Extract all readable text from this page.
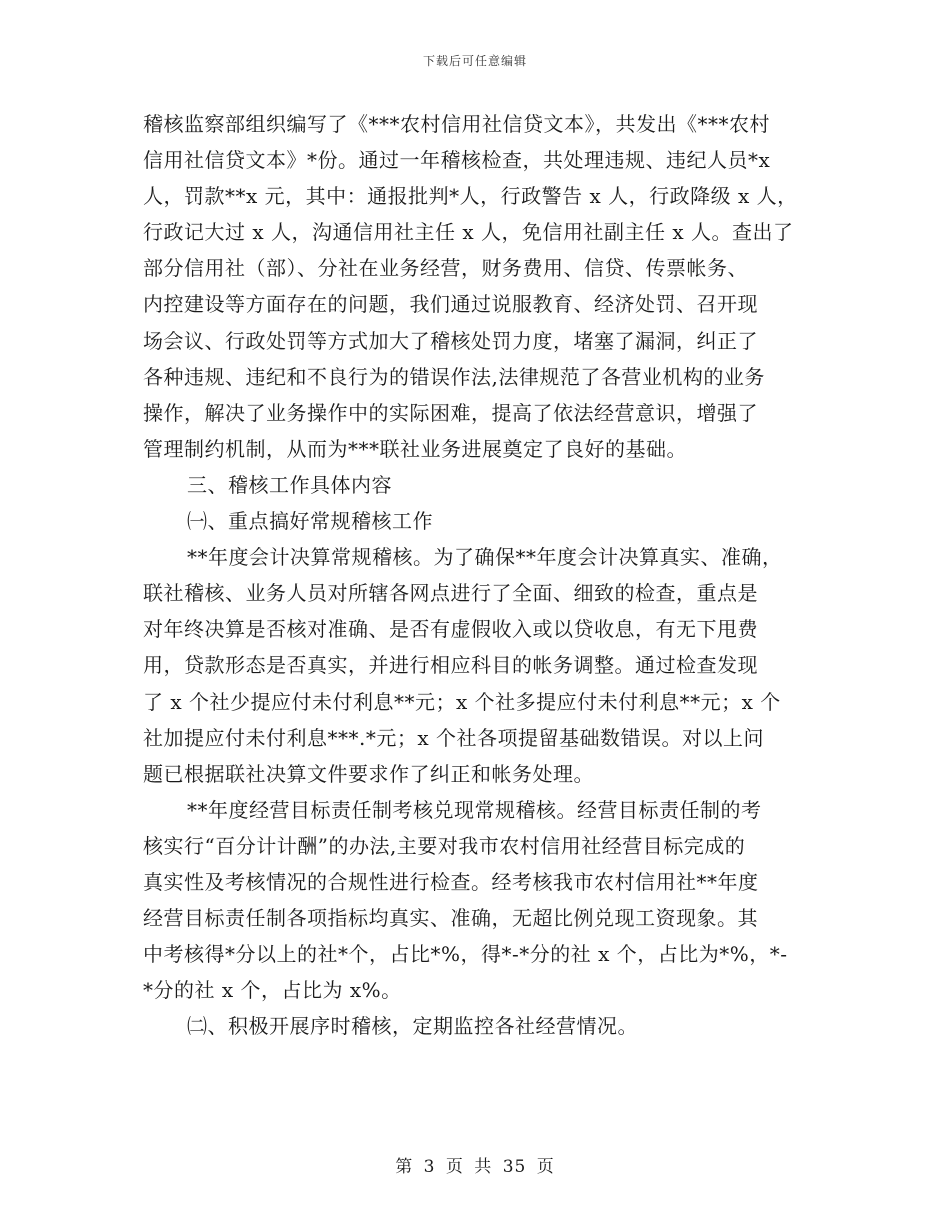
下载后可任意编辑
稽核监察部组织编写了《***农村信用社信贷文本》，共发出《***农村
信用社信贷文本》*份。通过一年稽核检查，共处理违规、违纪人员*x
人，罚款**x 元，其中：通报批判*人，行政警告 x 人，行政降级 x 人，
行政记大过 x 人，沟通信用社主任 x 人，免信用社副主任 x 人。查出了
部分信用社（部）、分社在业务经营，财务费用、信贷、传票帐务、
内控建设等方面存在的问题，我们通过说服教育、经济处罚、召开现
场会议、行政处罚等方式加大了稽核处罚力度，堵塞了漏洞，纠正了
各种违规、违纪和不良行为的错误作法,法律规范了各营业机构的业务
操作，解决了业务操作中的实际困难，提高了依法经营意识，增强了
管理制约机制，从而为***联社业务进展奠定了良好的基础。
三、稽核工作具体内容
㈠、重点搞好常规稽核工作
**年度会计决算常规稽核。为了确保**年度会计决算真实、准确，
联社稽核、业务人员对所辖各网点进行了全面、细致的检查，重点是
对年终决算是否核对准确、是否有虚假收入或以贷收息，有无下甩费
用，贷款形态是否真实，并进行相应科目的帐务调整。通过检查发现
了 x 个社少提应付未付利息**元；x 个社多提应付未付利息**元；x 个
社加提应付未付利息***.*元；x 个社各项提留基础数错误。对以上问
题已根据联社决算文件要求作了纠正和帐务处理。
**年度经营目标责任制考核兑现常规稽核。经营目标责任制的考
核实行“百分计计酬”的办法,主要对我市农村信用社经营目标完成的
真实性及考核情况的合规性进行检查。经考核我市农村信用社**年度
经营目标责任制各项指标均真实、准确，无超比例兑现工资现象。其
中考核得*分以上的社*个，占比*%，得*-*分的社 x 个，占比为*%，*-
*分的社 x 个，占比为 x%。
㈡、积极开展序时稽核，定期监控各社经营情况。
第 3 页 共 35 页
